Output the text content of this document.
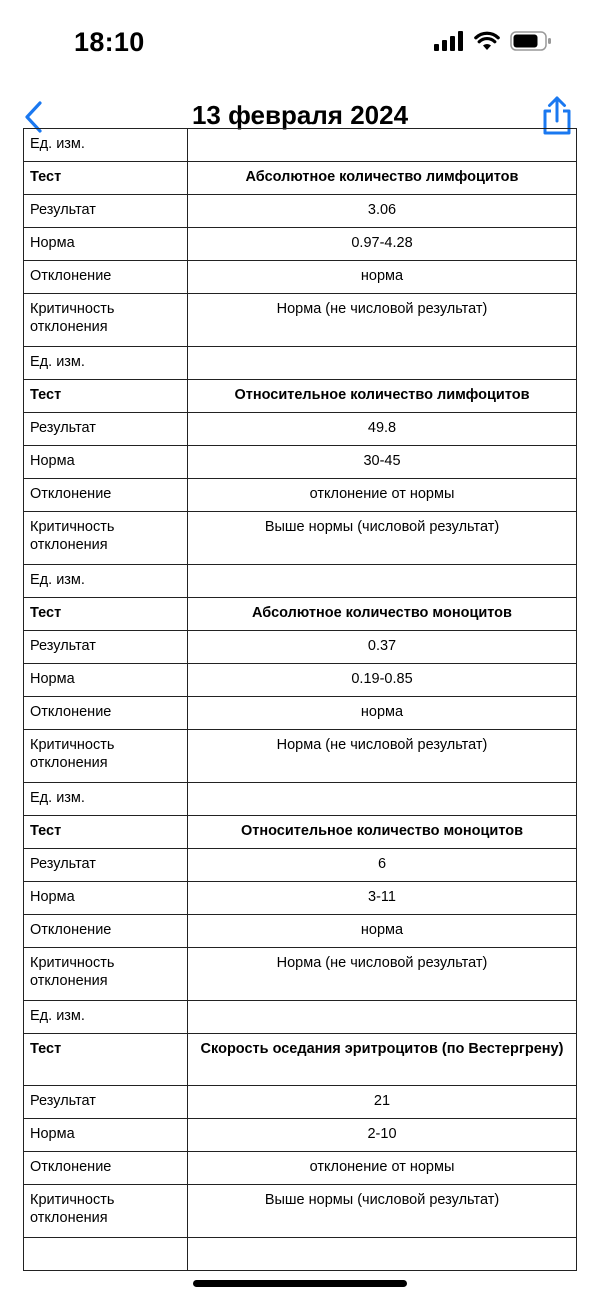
18:10
13 февраля 2024
Ед. изм.	
Тест	Абсолютное количество лимфоцитов
Результат	3.06
Норма	0.97-4.28
Отклонение	норма
Критичность отклонения	Норма (не числовой результат)
Ед. изм.	
Тест	Относительное количество лимфоцитов
Результат	49.8
Норма	30-45
Отклонение	отклонение от нормы
Критичность отклонения	Выше нормы (числовой результат)
Ед. изм.	
Тест	Абсолютное количество моноцитов
Результат	0.37
Норма	0.19-0.85
Отклонение	норма
Критичность отклонения	Норма (не числовой результат)
Ед. изм.	
Тест	Относительное количество моноцитов
Результат	6
Норма	3-11
Отклонение	норма
Критичность отклонения	Норма (не числовой результат)
Ед. изм.	
Тест	Скорость оседания эритроцитов (по Вестергрену)
Результат	21
Норма	2-10
Отклонение	отклонение от нормы
Критичность отклонения	Выше нормы (числовой результат)
